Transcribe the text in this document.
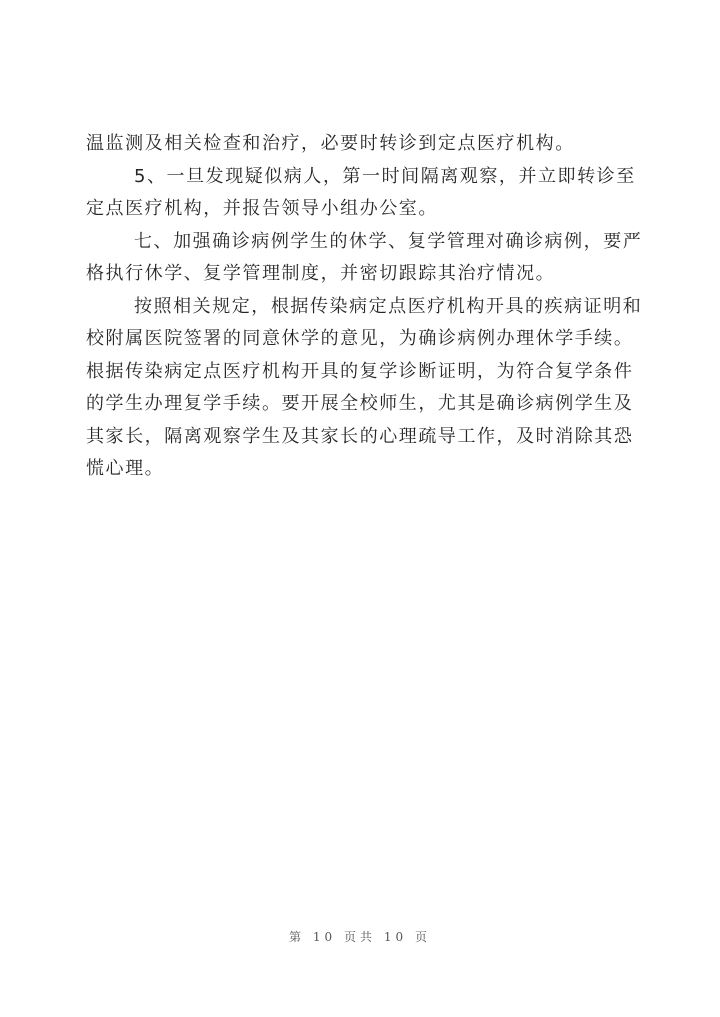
温监测及相关检查和治疗，必要时转诊到定点医疗机构。
5、一旦发现疑似病人，第一时间隔离观察，并立即转诊至
定点医疗机构，并报告领导小组办公室。
七、加强确诊病例学生的休学、复学管理对确诊病例，要严
格执行休学、复学管理制度，并密切跟踪其治疗情况。
按照相关规定，根据传染病定点医疗机构开具的疾病证明和
校附属医院签署的同意休学的意见，为确诊病例办理休学手续。
根据传染病定点医疗机构开具的复学诊断证明，为符合复学条件
的学生办理复学手续。要开展全校师生，尤其是确诊病例学生及
其家长，隔离观察学生及其家长的心理疏导工作，及时消除其恐
慌心理。
第 10 页共 10 页
